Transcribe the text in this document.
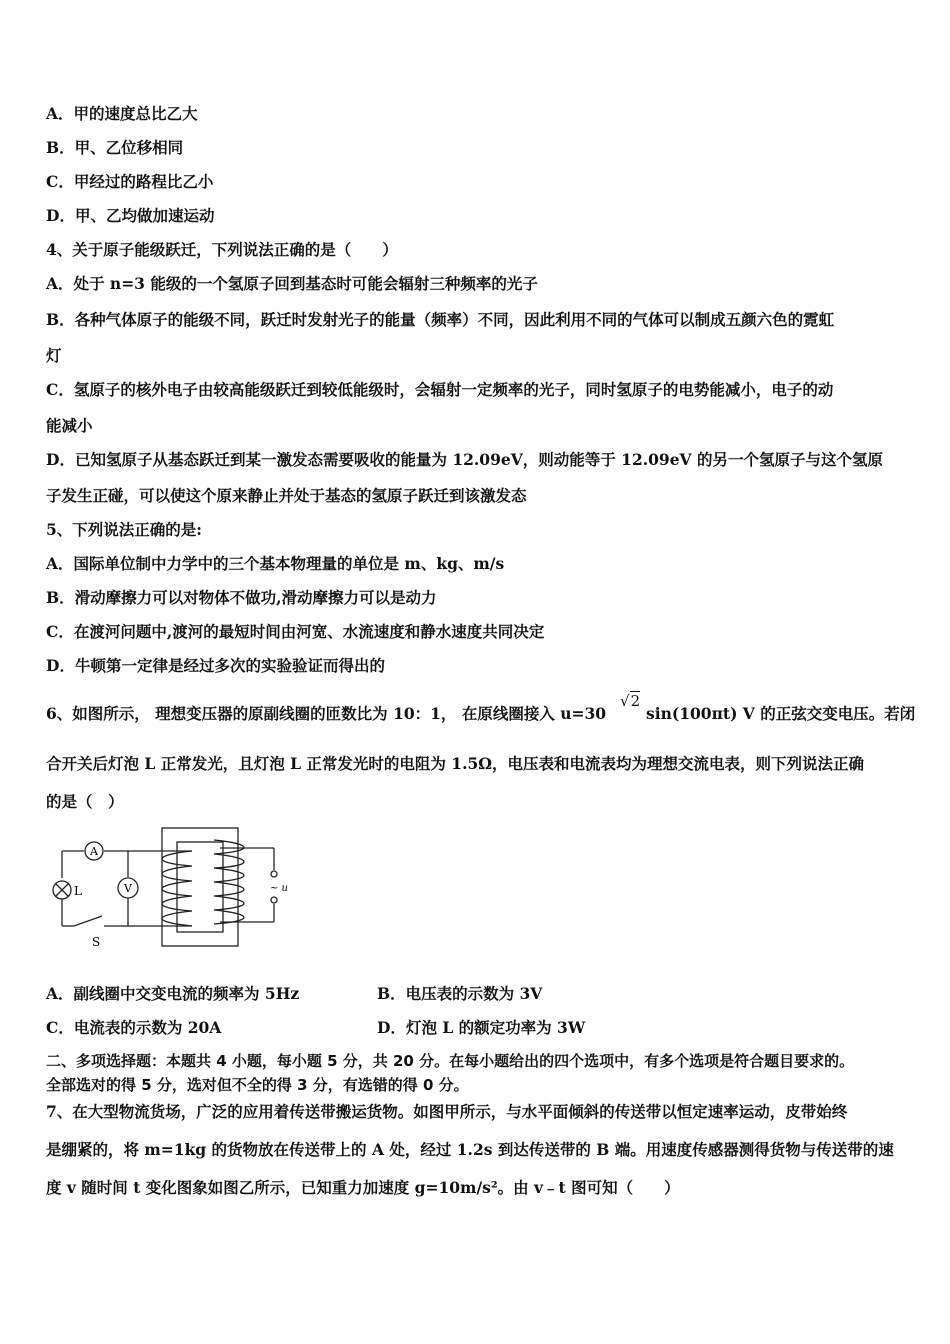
A．甲的速度总比乙大
B．甲、乙位移相同
C．甲经过的路程比乙小
D．甲、乙均做加速运动
4、关于原子能级跃迁，下列说法正确的是（　　）
A．处于 n=3 能级的一个氢原子回到基态时可能会辐射三种频率的光子
B．各种气体原子的能级不同，跃迁时发射光子的能量（频率）不同，因此利用不同的气体可以制成五颜六色的霓虹
灯
C．氢原子的核外电子由较高能级跃迁到较低能级时，会辐射一定频率的光子，同时氢原子的电势能减小，电子的动
能减小
D．已知氢原子从基态跃迁到某一激发态需要吸收的能量为 12.09eV，则动能等于 12.09eV 的另一个氢原子与这个氢原
子发生正碰，可以使这个原来静止并处于基态的氢原子跃迁到该激发态
5、下列说法正确的是:
A．国际单位制中力学中的三个基本物理量的单位是 m、kg、m/s
B．滑动摩擦力可以对物体不做功,滑动摩擦力可以是动力
C．在渡河问题中,渡河的最短时间由河宽、水流速度和静水速度共同决定
D．牛顿第一定律是经过多次的实验验证而得出的
6、如图所示， 理想变压器的原副线圈的匝数比为 10：1， 在原线圈接入 u=30
√2
sin(100πt) V 的正弦交变电压。若闭
合开关后灯泡 L 正常发光，且灯泡 L 正常发光时的电阻为 1.5Ω，电压表和电流表均为理想交流电表，则下列说法正确
的是（　）
A
V
L
S
~ u
A．副线圈中交变电流的频率为 5Hz	B．电压表的示数为 3V
C．电流表的示数为 20A	D．灯泡 L 的额定功率为 3W
二、多项选择题：本题共 4 小题，每小题 5 分，共 20 分。在每小题给出的四个选项中，有多个选项是符合题目要求的。
全部选对的得 5 分，选对但不全的得 3 分，有选错的得 0 分。
7、在大型物流货场，广泛的应用着传送带搬运货物。如图甲所示，与水平面倾斜的传送带以恒定速率运动，皮带始终
是绷紧的，将 m=1kg 的货物放在传送带上的 A 处，经过 1.2s 到达传送带的 B 端。用速度传感器测得货物与传送带的速
度 v 随时间 t 变化图象如图乙所示，已知重力加速度 g=10m/s²。由 v﹣t 图可知（　　）
